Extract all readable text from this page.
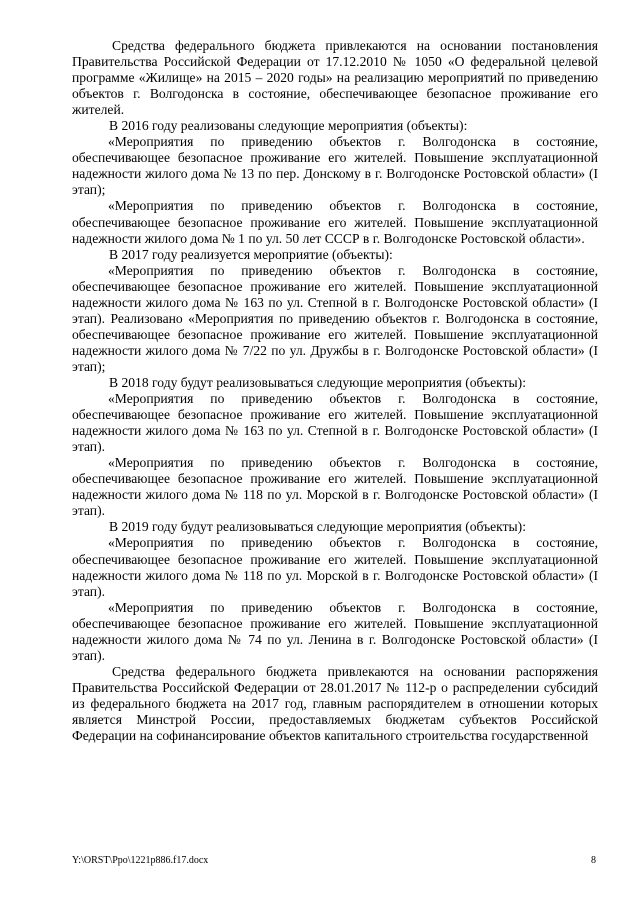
Средства федерального бюджета привлекаются на основании постановления Правительства Российской Федерации от 17.12.2010 № 1050 «О федеральной целевой программе «Жилище» на 2015 – 2020 годы» на реализацию мероприятий по приведению объектов г. Волгодонска в состояние, обеспечивающее безопасное проживание его жителей.

В 2016 году реализованы следующие мероприятия (объекты):

«Мероприятия по приведению объектов г. Волгодонска в состояние, обеспечивающее безопасное проживание его жителей. Повышение эксплуатационной надежности жилого дома № 13 по пер. Донскому в г. Волгодонске Ростовской области» (I этап);

«Мероприятия по приведению объектов г. Волгодонска в состояние, обеспечивающее безопасное проживание его жителей. Повышение эксплуатационной надежности жилого дома № 1 по ул. 50 лет СССР в г. Волгодонске Ростовской области».

В 2017 году реализуется мероприятие (объекты):

«Мероприятия по приведению объектов г. Волгодонска в состояние, обеспечивающее безопасное проживание его жителей. Повышение эксплуатационной надежности жилого дома № 163 по ул. Степной в г. Волгодонске Ростовской области» (I этап). Реализовано «Мероприятия по приведению объектов г. Волгодонска в состояние, обеспечивающее безопасное проживание его жителей. Повышение эксплуатационной надежности жилого дома № 7/22 по ул. Дружбы в г. Волгодонске Ростовской области» (I этап);

В 2018 году будут реализовываться следующие мероприятия (объекты):

«Мероприятия по приведению объектов г. Волгодонска в состояние, обеспечивающее безопасное проживание его жителей. Повышение эксплуатационной надежности жилого дома № 163 по ул. Степной в г. Волгодонске Ростовской области» (I этап).

«Мероприятия по приведению объектов г. Волгодонска в состояние, обеспечивающее безопасное проживание его жителей. Повышение эксплуатационной надежности жилого дома № 118 по ул. Морской в г. Волгодонске Ростовской области» (I этап).

В 2019 году будут реализовываться следующие мероприятия (объекты):

«Мероприятия по приведению объектов г. Волгодонска в состояние, обеспечивающее безопасное проживание его жителей. Повышение эксплуатационной надежности жилого дома № 118 по ул. Морской в г. Волгодонске Ростовской области» (I этап).

«Мероприятия по приведению объектов г. Волгодонска в состояние, обеспечивающее безопасное проживание его жителей. Повышение эксплуатационной надежности жилого дома № 74 по ул. Ленина в г. Волгодонске Ростовской области» (I этап).

Средства федерального бюджета привлекаются на основании распоряжения Правительства Российской Федерации от 28.01.2017 № 112-р о распределении субсидий из федерального бюджета на 2017 год, главным распорядителем в отношении которых является Минстрой России, предоставляемых бюджетам субъектов Российской Федерации на софинансирование объектов капитального строительства государственной

Y:\ORST\Ppo\1221p886.f17.docx	8
